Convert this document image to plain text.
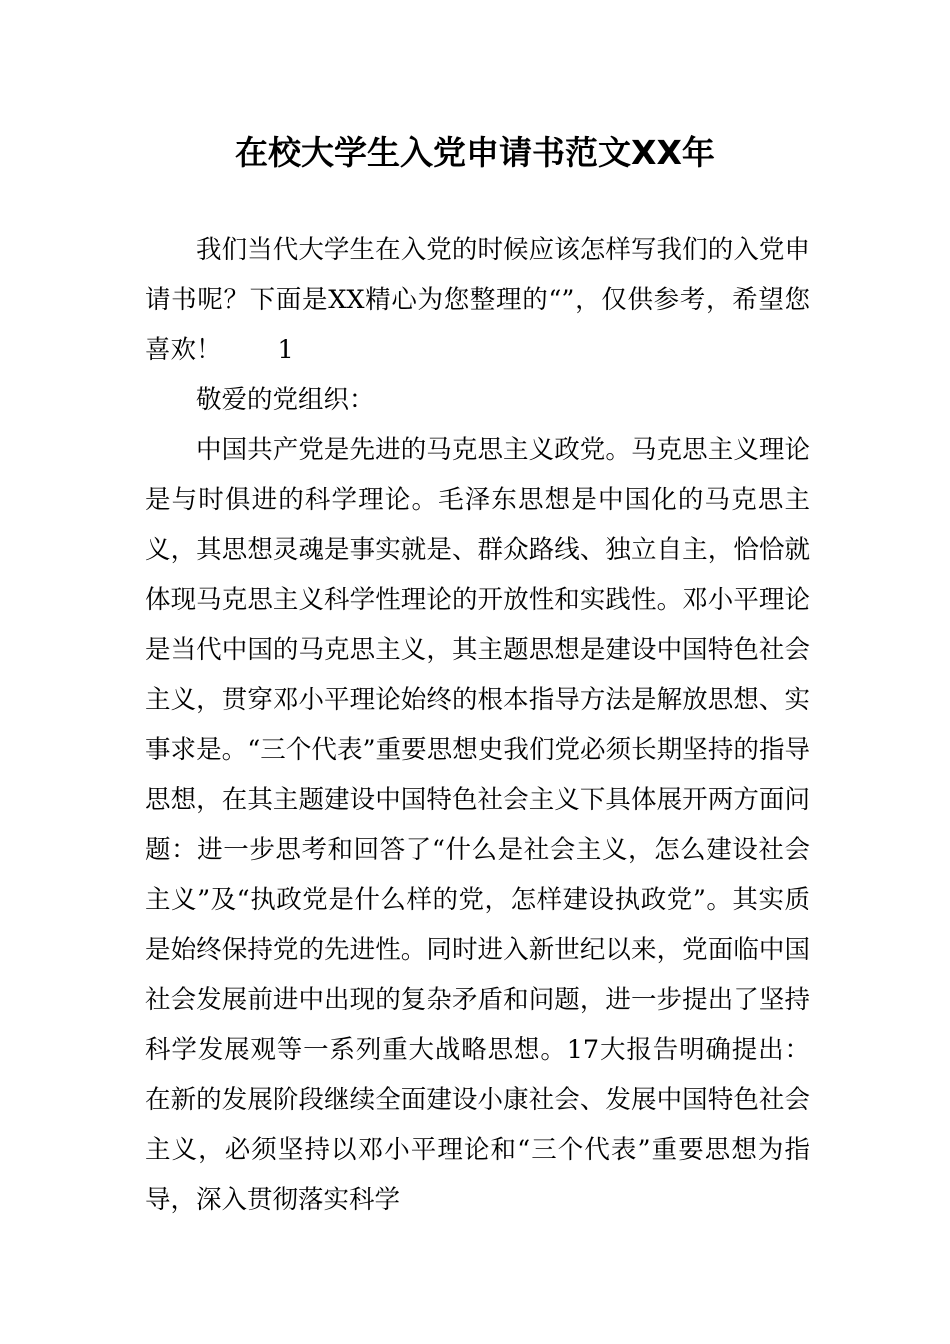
在校大学生入党申请书范文XX年

我们当代大学生在入党的时候应该怎样写我们的入党申请书呢？下面是XX精心为您整理的“”，仅供参考，希望您喜欢！ 1

敬爱的党组织：

中国共产党是先进的马克思主义政党。马克思主义理论是与时俱进的科学理论。毛泽东思想是中国化的马克思主义，其思想灵魂是事实就是、群众路线、独立自主，恰恰就体现马克思主义科学性理论的开放性和实践性。邓小平理论是当代中国的马克思主义，其主题思想是建设中国特色社会主义，贯穿邓小平理论始终的根本指导方法是解放思想、实事求是。“三个代表”重要思想史我们党必须长期坚持的指导思想，在其主题建设中国特色社会主义下具体展开两方面问题：进一步思考和回答了“什么是社会主义，怎么建设社会主义”及“执政党是什么样的党，怎样建设执政党”。其实质是始终保持党的先进性。同时进入新世纪以来，党面临中国社会发展前进中出现的复杂矛盾和问题，进一步提出了坚持科学发展观等一系列重大战略思想。17大报告明确提出：在新的发展阶段继续全面建设小康社会、发展中国特色社会主义，必须坚持以邓小平理论和“三个代表”重要思想为指导，深入贯彻落实科学
